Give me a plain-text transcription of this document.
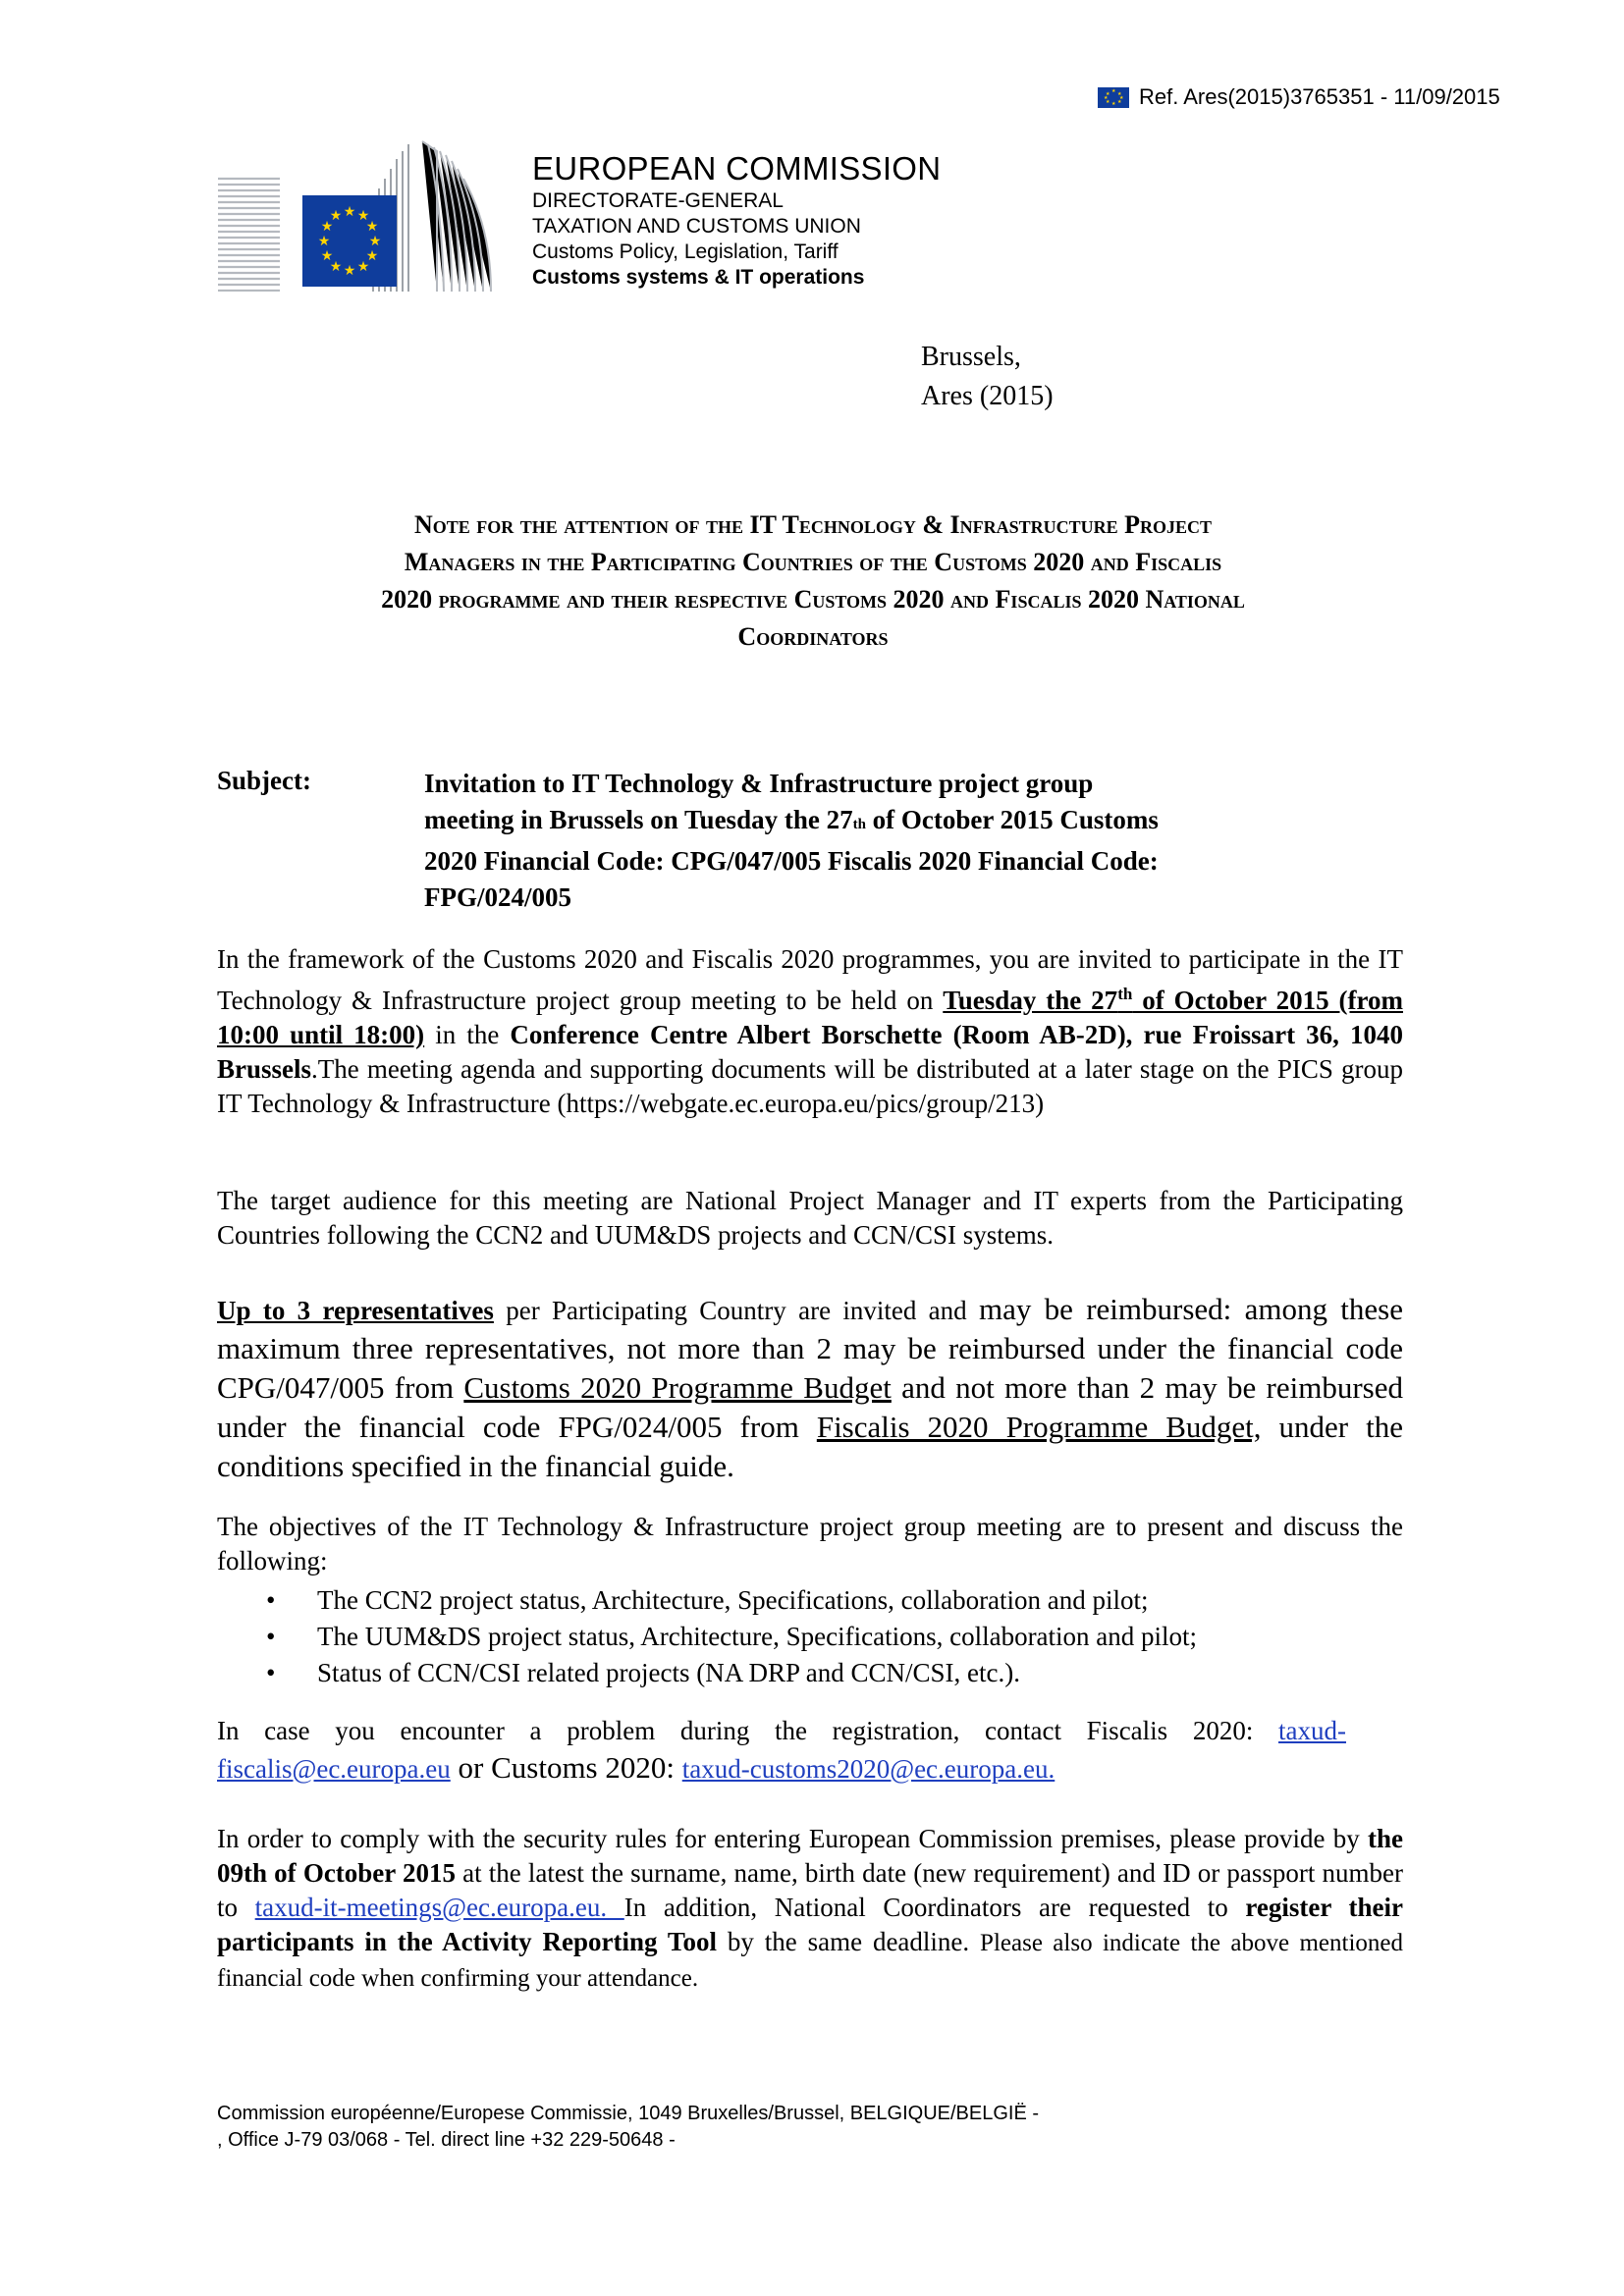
★ ★
★
★
★
★
★
★ Ref. Ares(2015)3765351 - 11/09/2015
★ ★
★
★
★
★
★
★
★
★
★
★
EUROPEAN COMMISSION
DIRECTORATE-GENERAL
TAXATION AND CUSTOMS UNION
Customs Policy, Legislation, Tariff
Customs systems & IT operations
Brussels,
Ares (2015)
Note for the attention of the IT Technology & Infrastructure Project
Managers in the Participating Countries of the Customs 2020 and Fiscalis
2020 programme and their respective Customs 2020 and Fiscalis 2020 National
Coordinators
Subject:	Invitation to IT Technology & Infrastructure project group
meeting in Brussels on Tuesday the 27th of October 2015 Customs
2020 Financial Code: CPG/047/005 Fiscalis 2020 Financial Code:
FPG/024/005
In the framework of the Customs 2020 and Fiscalis 2020 programmes, you are invited to participate in the IT Technology & Infrastructure project group meeting to be held on Tuesday the 27th of October 2015 (from 10:00 until 18:00) in the Conference Centre Albert Borschette (Room AB-2D), rue Froissart 36, 1040 Brussels.The meeting agenda and supporting documents will be distributed at a later stage on the PICS group IT Technology & Infrastructure (https://webgate.ec.europa.eu/pics/group/213)
The target audience for this meeting are National Project Manager and IT experts from the Participating Countries following the CCN2 and UUM&DS projects and CCN/CSI systems.
Up to 3 representatives per Participating Country are invited and may be reimbursed: among these maximum three representatives, not more than 2 may be reimbursed under the financial code CPG/047/005 from Customs 2020 Programme Budget and not more than 2 may be reimbursed under the financial code FPG/024/005 from Fiscalis 2020 Programme Budget, under the conditions specified in the financial guide.
The objectives of the IT Technology & Infrastructure project group meeting are to present and discuss the following:
•	The CCN2 project status, Architecture, Specifications, collaboration and pilot;
•	The UUM&DS project status, Architecture, Specifications, collaboration and pilot;
•	Status of CCN/CSI related projects (NA DRP and CCN/CSI, etc.).
In case you encounter a problem during the registration, contact Fiscalis 2020: taxud-fiscalis@ec.europa.eu or Customs 2020: taxud-customs2020@ec.europa.eu.
In order to comply with the security rules for entering European Commission premises, please provide by the 09th of October 2015 at the latest the surname, name, birth date (new requirement) and ID or passport number to taxud-it-meetings@ec.europa.eu. In addition, National Coordinators are requested to register their participants in the Activity Reporting Tool by the same deadline. Please also indicate the above mentioned financial code when confirming your attendance.
Commission européenne/Europese Commissie, 1049 Bruxelles/Brussel, BELGIQUE/BELGIË -
, Office J-79 03/068 - Tel. direct line +32 229-50648 -
